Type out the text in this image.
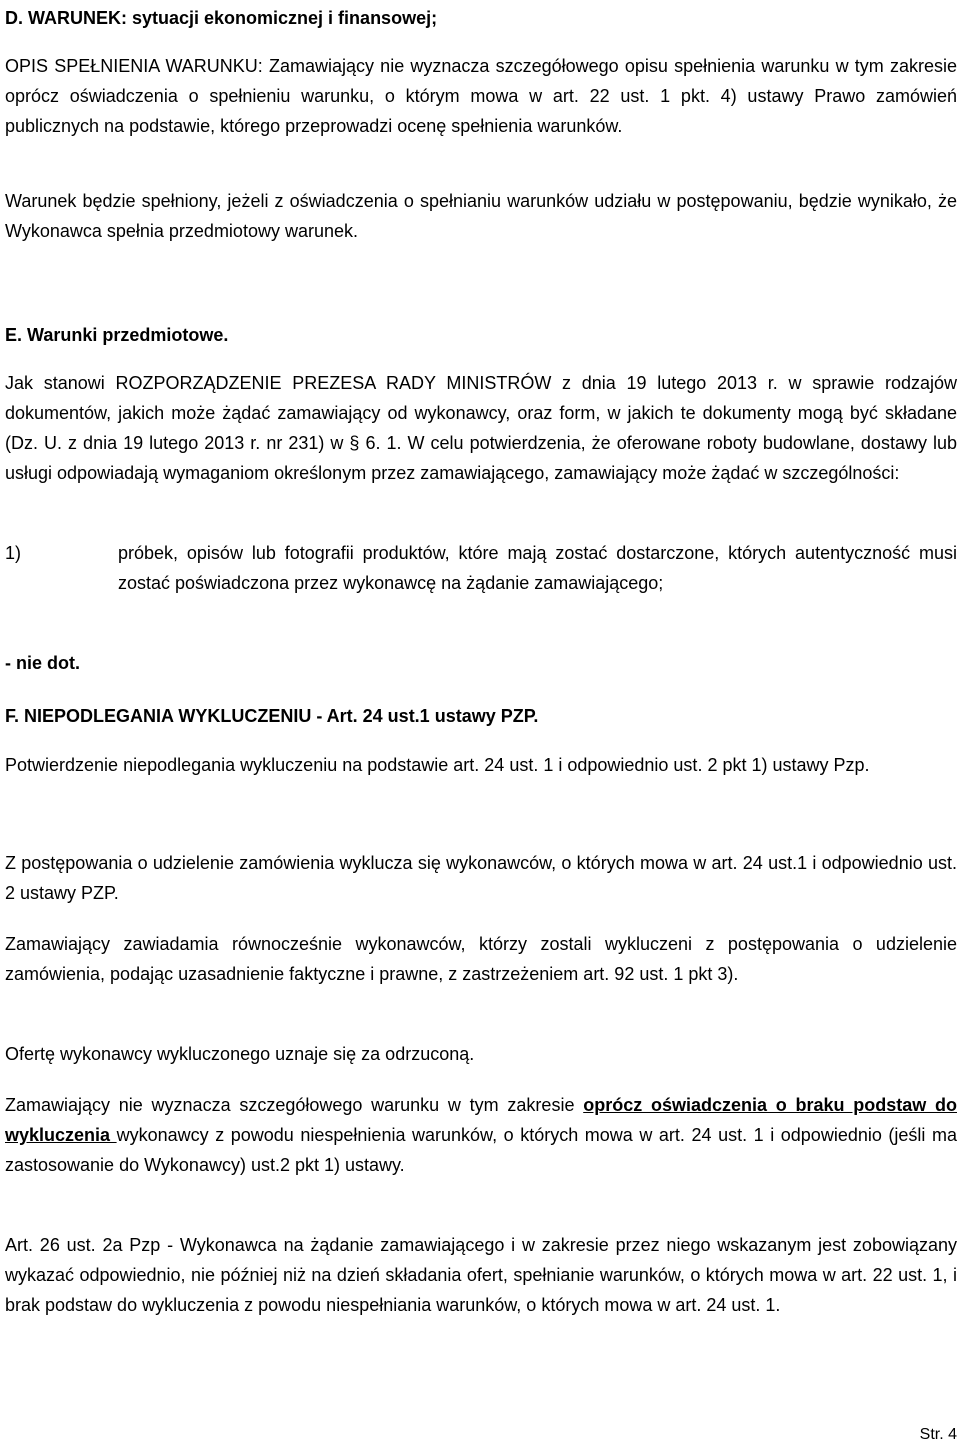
D. WARUNEK: sytuacji ekonomicznej i finansowej;

OPIS SPEŁNIENIA WARUNKU: Zamawiający nie wyznacza szczegółowego opisu spełnienia warunku w tym zakresie oprócz oświadczenia o spełnieniu warunku, o którym mowa w art. 22 ust. 1 pkt. 4) ustawy Prawo zamówień publicznych na podstawie, którego przeprowadzi ocenę spełnienia warunków.

Warunek będzie spełniony, jeżeli z oświadczenia o spełnianiu warunków udziału w postępowaniu, będzie wynikało, że Wykonawca spełnia przedmiotowy warunek.

E. Warunki przedmiotowe.

Jak stanowi ROZPORZĄDZENIE PREZESA RADY MINISTRÓW z dnia 19 lutego 2013 r. w sprawie rodzajów dokumentów, jakich może żądać zamawiający od wykonawcy, oraz form, w jakich te dokumenty mogą być składane (Dz. U. z dnia 19 lutego 2013 r. nr 231) w § 6. 1. W celu potwierdzenia, że oferowane roboty budowlane, dostawy lub usługi odpowiadają wymaganiom określonym przez zamawiającego, zamawiający może żądać w szczególności:

1)	próbek, opisów lub fotografii produktów, które mają zostać dostarczone, których autentyczność musi zostać poświadczona przez wykonawcę na żądanie zamawiającego;

- nie dot.

F. NIEPODLEGANIA WYKLUCZENIU - Art. 24 ust.1 ustawy PZP.

Potwierdzenie niepodlegania wykluczeniu na podstawie art. 24 ust. 1 i odpowiednio ust. 2 pkt 1) ustawy Pzp.

Z postępowania o udzielenie zamówienia wyklucza się wykonawców, o których mowa w art. 24 ust.1 i odpowiednio ust. 2 ustawy PZP.

Zamawiający zawiadamia równocześnie wykonawców, którzy zostali wykluczeni z postępowania o udzielenie zamówienia, podając uzasadnienie faktyczne i prawne, z zastrzeżeniem art. 92 ust. 1 pkt 3).

Ofertę wykonawcy wykluczonego uznaje się za odrzuconą.

Zamawiający nie wyznacza szczegółowego warunku w tym zakresie oprócz oświadczenia o braku podstaw do wykluczenia wykonawcy z powodu niespełnienia warunków, o których mowa w art. 24 ust. 1 i odpowiednio (jeśli ma zastosowanie do Wykonawcy) ust.2 pkt 1) ustawy.

Art. 26 ust. 2a Pzp - Wykonawca na żądanie zamawiającego i w zakresie przez niego wskazanym jest zobowiązany wykazać odpowiednio, nie później niż na dzień składania ofert, spełnianie warunków, o których mowa w art. 22 ust. 1, i brak podstaw do wykluczenia z powodu niespełniania warunków, o których mowa w art. 24 ust. 1.

Str. 4
